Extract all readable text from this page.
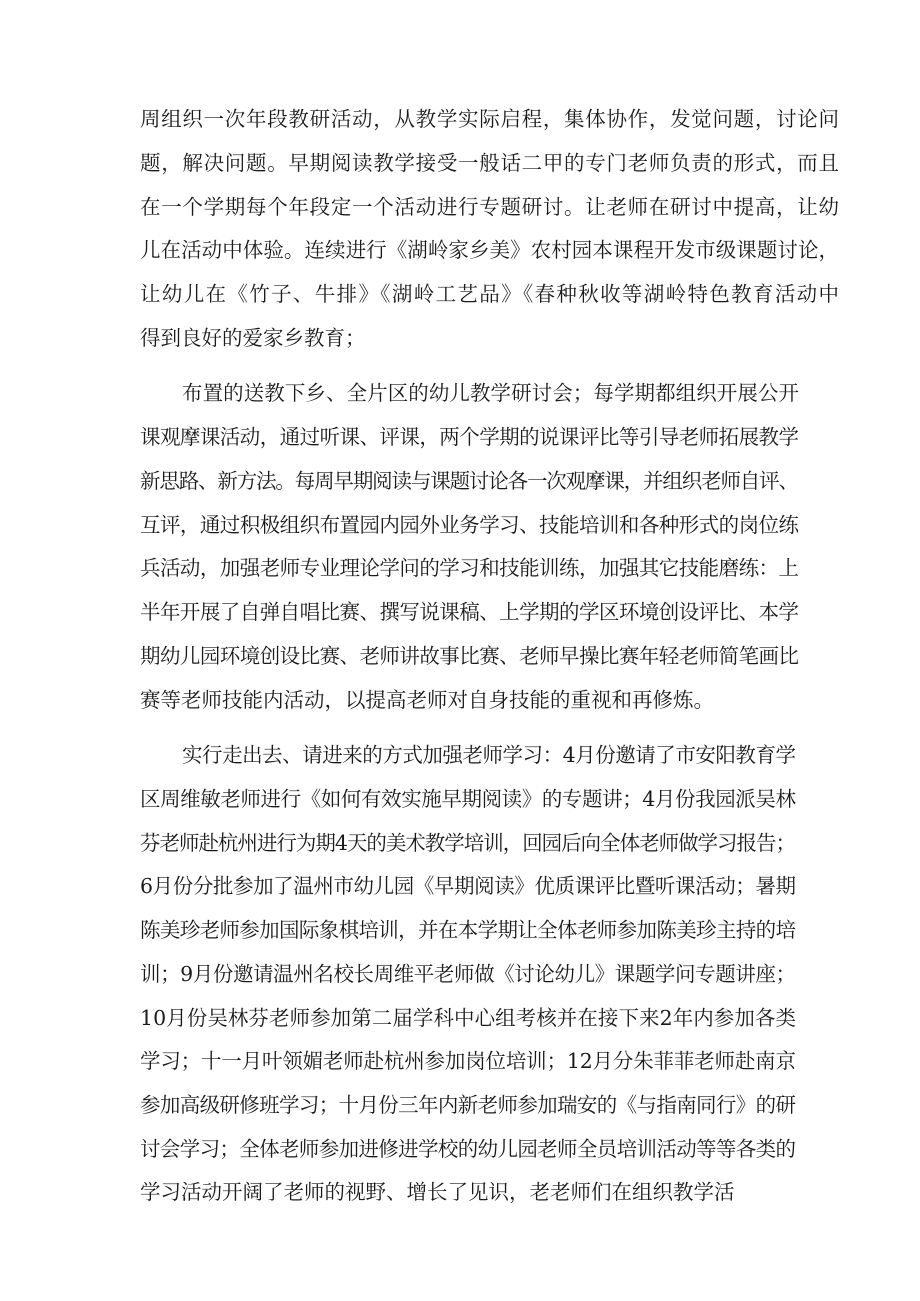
周组织一次年段教研活动，从教学实际启程，集体协作，发觉问题，讨论问
题，解决问题。早期阅读教学接受一般话二甲的专门老师负责的形式，而且
在一个学期每个年段定一个活动进行专题研讨。让老师在研讨中提高，让幼
儿在活动中体验。连续进行《湖岭家乡美》农村园本课程开发市级课题讨论，
让幼儿在《竹子、牛排》《湖岭工艺品》《春种秋收等湖岭特色教育活动中
得到良好的爱家乡教育；
布置的送教下乡、全片区的幼儿教学研讨会；每学期都组织开展公开
课观摩课活动，通过听课、评课，两个学期的说课评比等引导老师拓展教学
新思路、新方法。每周早期阅读与课题讨论各一次观摩课，并组织老师自评、
互评，通过积极组织布置园内园外业务学习、技能培训和各种形式的岗位练
兵活动，加强老师专业理论学问的学习和技能训练，加强其它技能磨练：上
半年开展了自弹自唱比赛、撰写说课稿、上学期的学区环境创设评比、本学
期幼儿园环境创设比赛、老师讲故事比赛、老师早操比赛年轻老师简笔画比
赛等老师技能内活动，以提高老师对自身技能的重视和再修炼。
实行走出去、请进来的方式加强老师学习：4月份邀请了市安阳教育学
区周维敏老师进行《如何有效实施早期阅读》的专题讲；4月份我园派吴林
芬老师赴杭州进行为期4天的美术教学培训，回园后向全体老师做学习报告；
6月份分批参加了温州市幼儿园《早期阅读》优质课评比暨听课活动；暑期
陈美珍老师参加国际象棋培训，并在本学期让全体老师参加陈美珍主持的培
训；9月份邀请温州名校长周维平老师做《讨论幼儿》课题学问专题讲座；
10月份吴林芬老师参加第二届学科中心组考核并在接下来2年内参加各类
学习；十一月叶领媚老师赴杭州参加岗位培训；12月分朱菲菲老师赴南京
参加高级研修班学习；十月份三年内新老师参加瑞安的《与指南同行》的研
讨会学习；全体老师参加进修进学校的幼儿园老师全员培训活动等等各类的
学习活动开阔了老师的视野、增长了见识，老老师们在组织教学活
